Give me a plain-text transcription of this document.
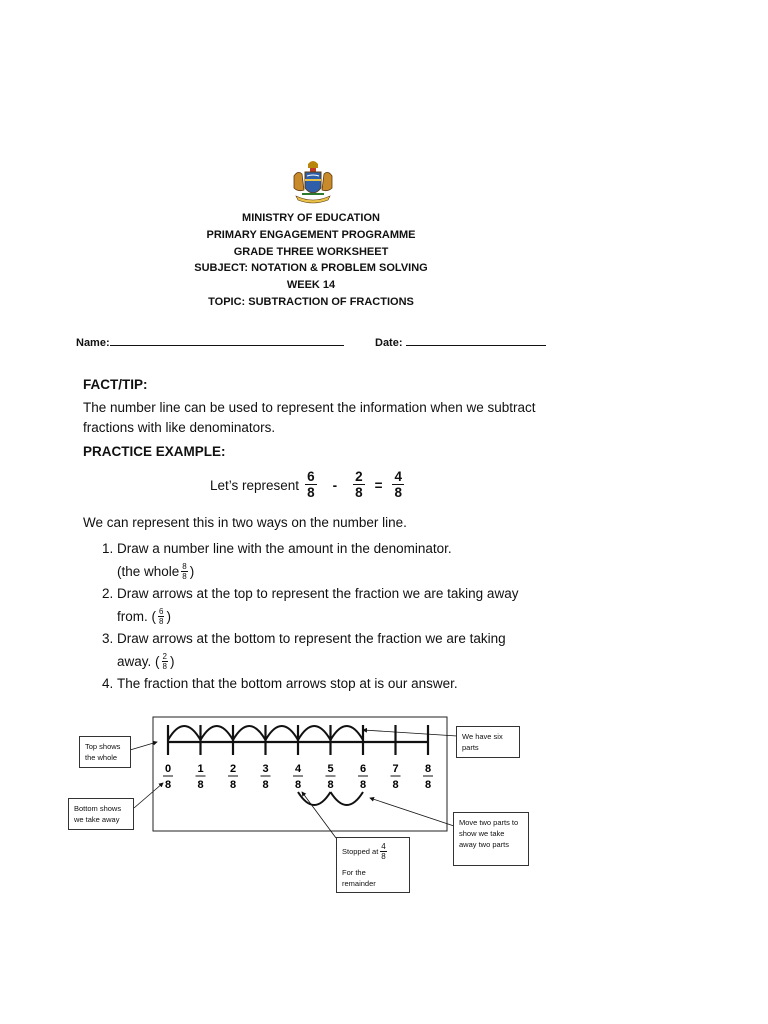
MINISTRY OF EDUCATION
PRIMARY ENGAGEMENT PROGRAMME
GRADE THREE WORKSHEET
SUBJECT: NOTATION & PROBLEM SOLVING
WEEK 14
TOPIC: SUBTRACTION OF FRACTIONS
Name:	Date:
FACT/TIP:
The number line can be used to represent the information when we subtract fractions with like denominators.
PRACTICE EXAMPLE:
Let’s represent $\frac{6}{8} - \frac{2}{8} = \frac{4}{8}$
We can represent this in two ways on the number line.
1. Draw a number line with the amount in the denominator.
(the whole $\frac{8}{8}$ )
2. Draw arrows at the top to represent the fraction we are taking away
from. ( $\frac{6}{8}$ )
3. Draw arrows at the bottom to represent the fraction we are taking
away. ( $\frac{2}{8}$ )
4. The fraction that the bottom arrows stop at is our answer.
0
8
1
8
2
8
3
8
4
8
5
8
6
8
7
8
8
8
Top shows the whole
Bottom shows we take away
We have six parts
Stopped at $\frac{4}{8}$
For the remainder
Move two parts to show we take away two parts
